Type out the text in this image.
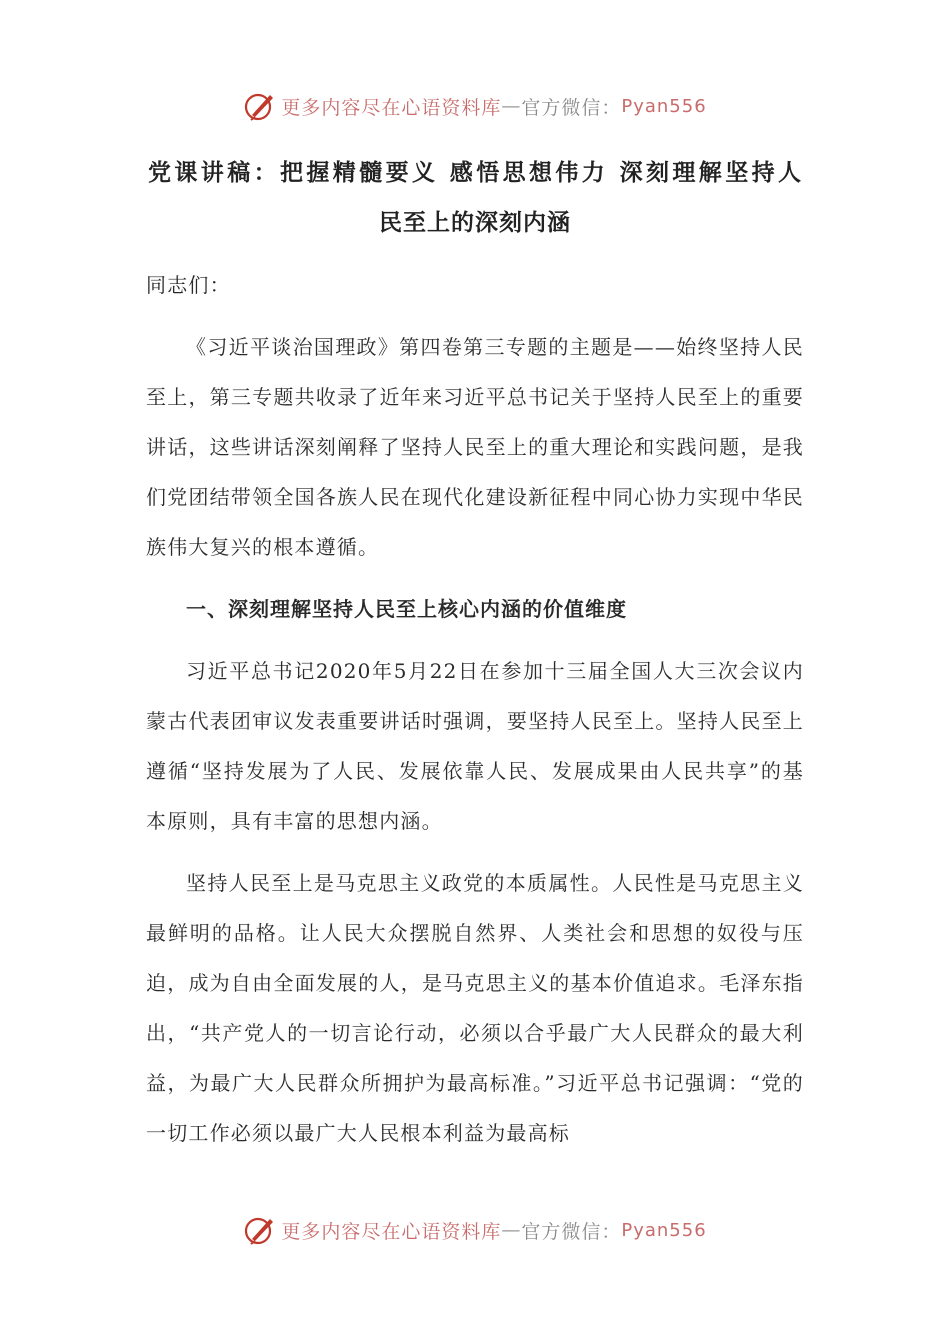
更多内容尽在心语资料库 — 官方微信： Pyan556
党课讲稿：把握精髓要义 感悟思想伟力 深刻理解坚持人
民至上的深刻内涵

同志们：

《习近平谈治国理政》第四卷第三专题的主题是——始终坚持人民至上，第三专题共收录了近年来习近平总书记关于坚持人民至上的重要讲话，这些讲话深刻阐释了坚持人民至上的重大理论和实践问题，是我们党团结带领全国各族人民在现代化建设新征程中同心协力实现中华民族伟大复兴的根本遵循。

一、深刻理解坚持人民至上核心内涵的价值维度

习近平总书记2020年5月22日在参加十三届全国人大三次会议内蒙古代表团审议发表重要讲话时强调，要坚持人民至上。坚持人民至上遵循“坚持发展为了人民、发展依靠人民、发展成果由人民共享”的基本原则，具有丰富的思想内涵。

坚持人民至上是马克思主义政党的本质属性。人民性是马克思主义最鲜明的品格。让人民大众摆脱自然界、人类社会和思想的奴役与压迫，成为自由全面发展的人，是马克思主义的基本价值追求。毛泽东指出，“共产党人的一切言论行动，必须以合乎最广大人民群众的最大利益，为最广大人民群众所拥护为最高标准。”习近平总书记强调：“党的一切工作必须以最广大人民根本利益为最高标

更多内容尽在心语资料库 — 官方微信： Pyan556
